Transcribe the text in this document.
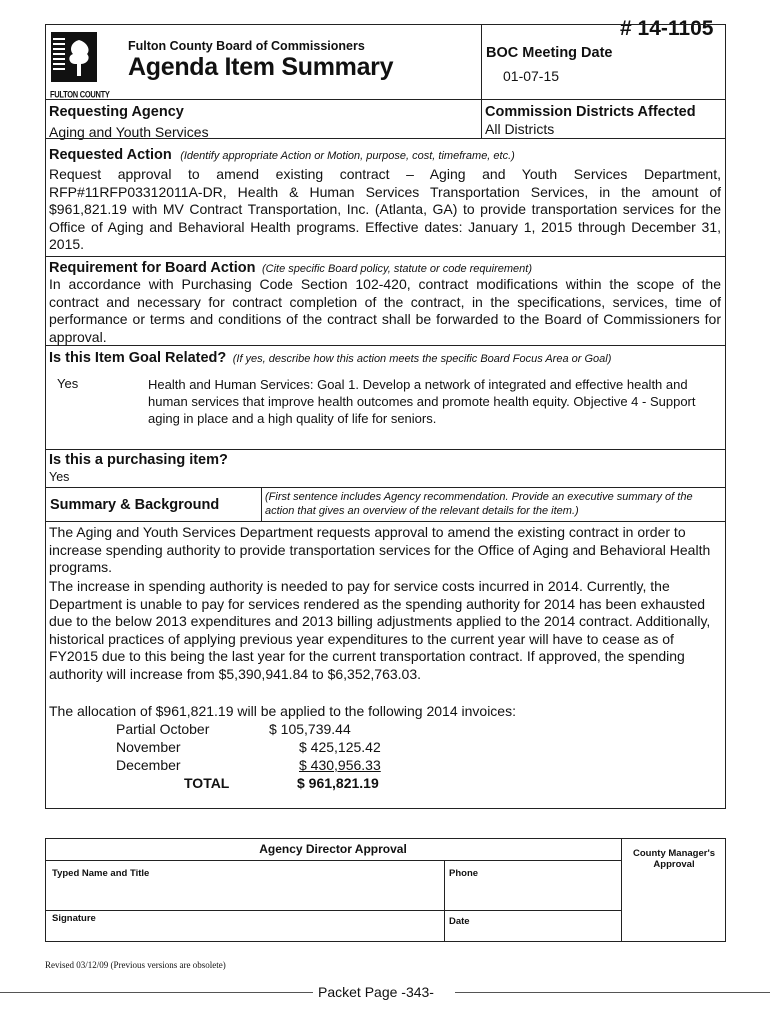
# 14-1105
FULTON COUNTY
Fulton County Board of Commissioners
Agenda Item Summary	BOC Meeting Date
01-07-15
Requesting Agency
Aging and Youth Services
Commission Districts Affected
All Districts
Requested Action (Identify appropriate Action or Motion, purpose, cost, timeframe, etc.)
Request approval to amend existing contract – Aging and Youth Services Department, RFP#11RFP03312011A-DR, Health & Human Services Transportation Services, in the amount of $961,821.19 with MV Contract Transportation, Inc. (Atlanta, GA) to provide transportation services for the Office of Aging and Behavioral Health programs. Effective dates: January 1, 2015 through December 31, 2015.
Requirement for Board Action (Cite specific Board policy, statute or code requirement)
In accordance with Purchasing Code Section 102-420, contract modifications within the scope of the contract and necessary for contract completion of the contract, in the specifications, services, time of performance or terms and conditions of the contract shall be forwarded to the Board of Commissioners for approval.
Is this Item Goal Related? (If yes, describe how this action meets the specific Board Focus Area or Goal)
Yes	Health and Human Services: Goal 1. Develop a network of integrated and effective health and human services that improve health outcomes and promote health equity. Objective 4 - Support aging in place and a high quality of life for seniors.
Is this a purchasing item?
Yes
Summary & Background	(First sentence includes Agency recommendation. Provide an executive summary of the action that gives an overview of the relevant details for the item.)
The Aging and Youth Services Department requests approval to amend the existing contract in order to increase spending authority to provide transportation services for the Office of Aging and Behavioral Health programs.
The increase in spending authority is needed to pay for service costs incurred in 2014. Currently, the Department is unable to pay for services rendered as the spending authority for 2014 has been exhausted due to the below 2013 expenditures and 2013 billing adjustments applied to the 2014 contract. Additionally, historical practices of applying previous year expenditures to the current year will have to cease as of FY2015 due to this being the last year for the current transportation contract. If approved, the spending authority will increase from $5,390,941.84 to $6,352,763.03.
The allocation of $961,821.19 will be applied to the following 2014 invoices:
Partial October	$ 105,739.44
November	$ 425,125.42
December	$ 430,956.33
TOTAL	$ 961,821.19
Agency Director Approval
Typed Name and Title	Phone
Signature	Date
County Manager's Approval
Revised 03/12/09 (Previous versions are obsolete)
Packet Page -343-
